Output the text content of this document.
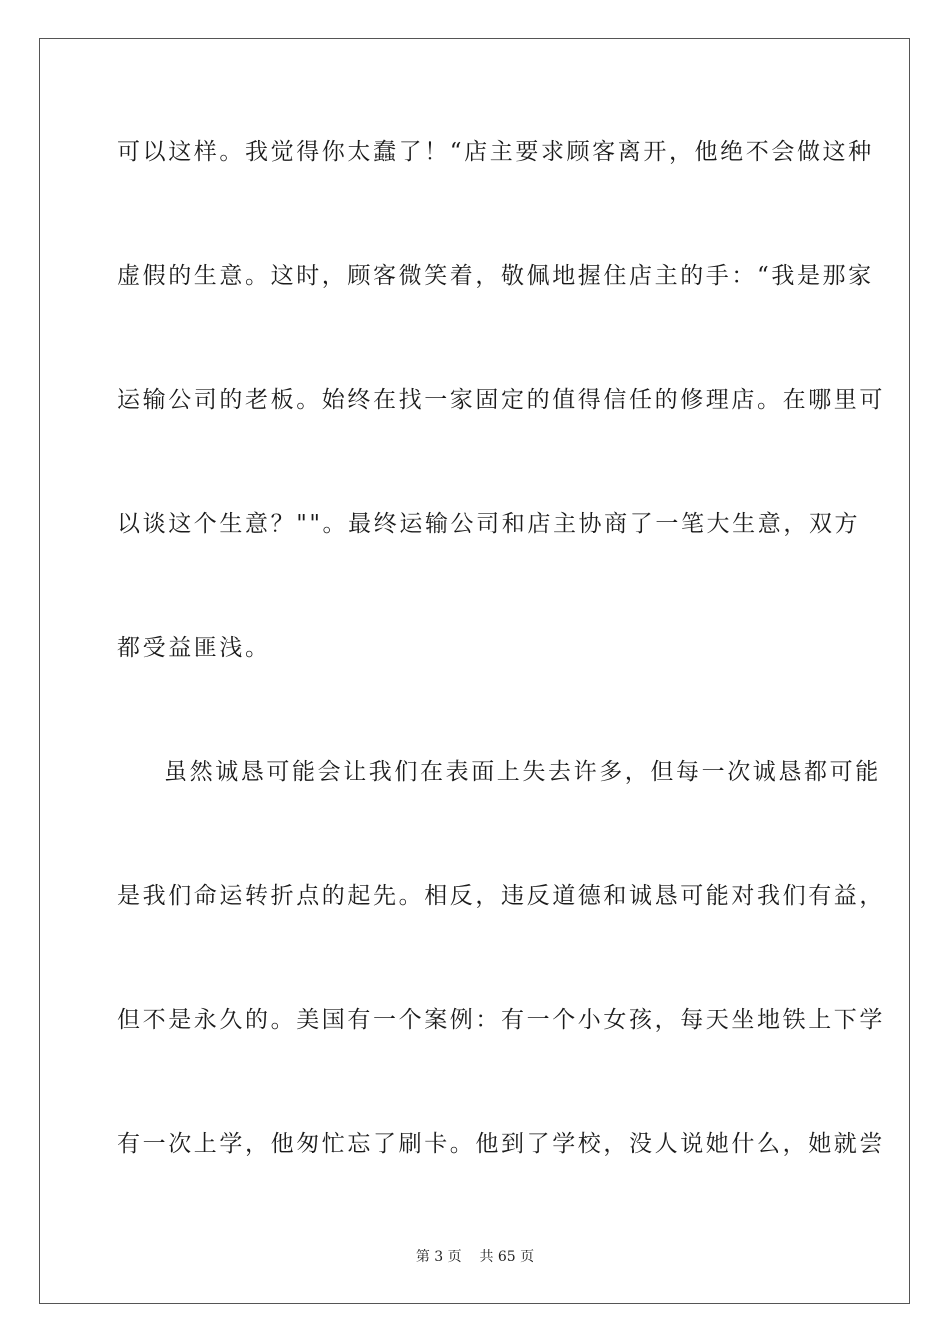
可以这样。我觉得你太蠢了！“店主要求顾客离开，他绝不会做这种
虚假的生意。这时，顾客微笑着，敬佩地握住店主的手：“我是那家
运输公司的老板。始终在找一家固定的值得信任的修理店。在哪里可
以谈这个生意？""。最终运输公司和店主协商了一笔大生意，双方
都受益匪浅。
虽然诚恳可能会让我们在表面上失去许多，但每一次诚恳都可能
是我们命运转折点的起先。相反，违反道德和诚恳可能对我们有益，
但不是永久的。美国有一个案例：有一个小女孩，每天坐地铁上下学
有一次上学，他匆忙忘了刷卡。他到了学校，没人说她什么，她就尝
第 3 页 共 65 页
